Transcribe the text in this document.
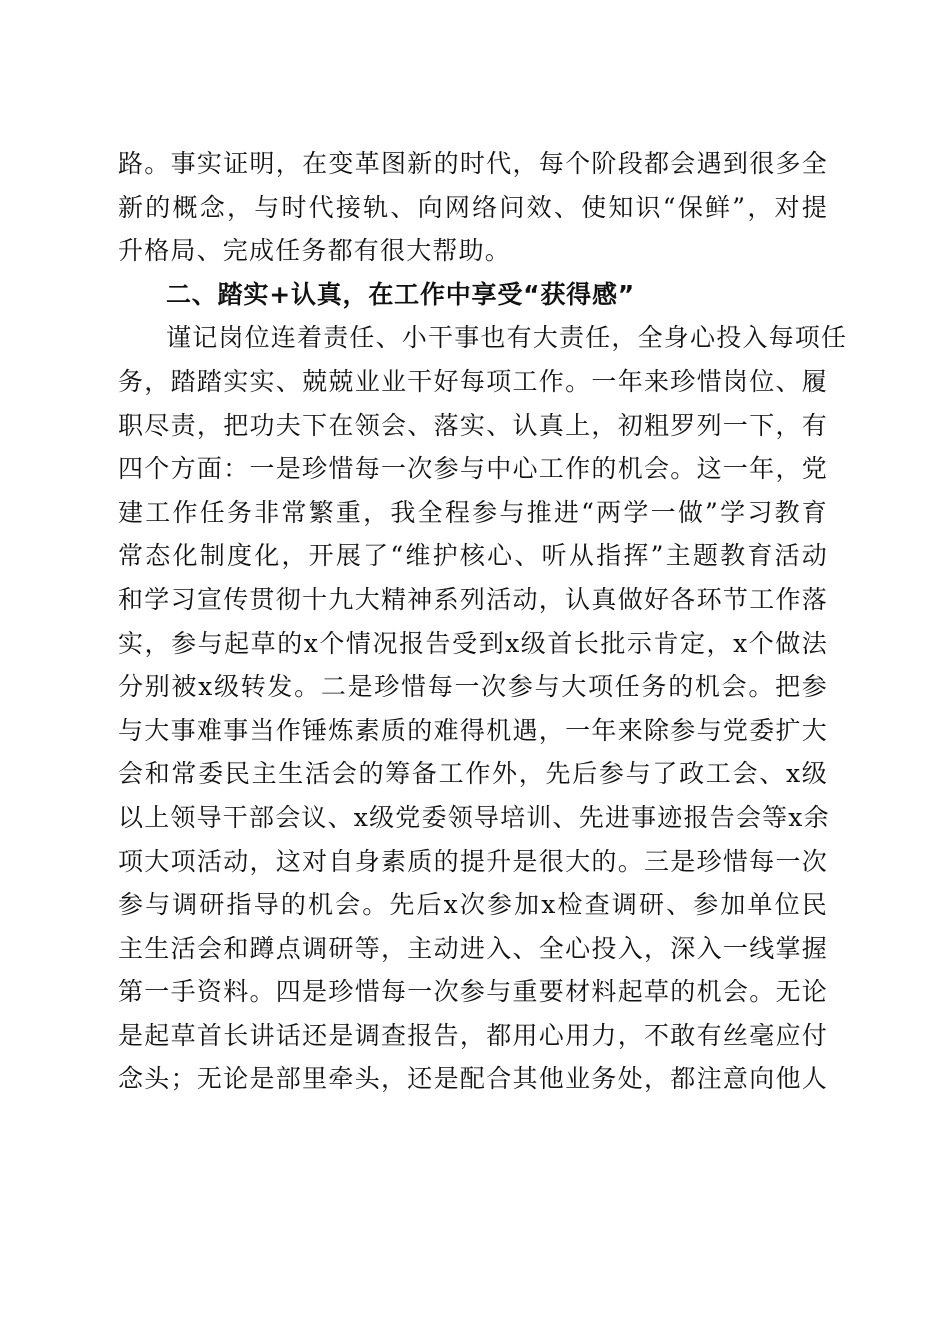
路。事实证明，在变革图新的时代，每个阶段都会遇到很多全
新的概念，与时代接轨、向网络问效、使知识“保鲜”，对提
升格局、完成任务都有很大帮助。
二、踏实+认真，在工作中享受“获得感”
谨记岗位连着责任、小干事也有大责任，全身心投入每项任
务，踏踏实实、兢兢业业干好每项工作。一年来珍惜岗位、履
职尽责，把功夫下在领会、落实、认真上，初粗罗列一下，有
四个方面：一是珍惜每一次参与中心工作的机会。这一年，党
建工作任务非常繁重，我全程参与推进“两学一做”学习教育
常态化制度化，开展了“维护核心、听从指挥”主题教育活动
和学习宣传贯彻十九大精神系列活动，认真做好各环节工作落
实，参与起草的x个情况报告受到x级首长批示肯定，x个做法
分别被x级转发。二是珍惜每一次参与大项任务的机会。把参
与大事难事当作锤炼素质的难得机遇，一年来除参与党委扩大
会和常委民主生活会的筹备工作外，先后参与了政工会、x级
以上领导干部会议、x级党委领导培训、先进事迹报告会等x余
项大项活动，这对自身素质的提升是很大的。三是珍惜每一次
参与调研指导的机会。先后x次参加x检查调研、参加单位民
主生活会和蹲点调研等，主动进入、全心投入，深入一线掌握
第一手资料。四是珍惜每一次参与重要材料起草的机会。无论
是起草首长讲话还是调查报告，都用心用力，不敢有丝毫应付
念头；无论是部里牵头，还是配合其他业务处，都注意向他人
